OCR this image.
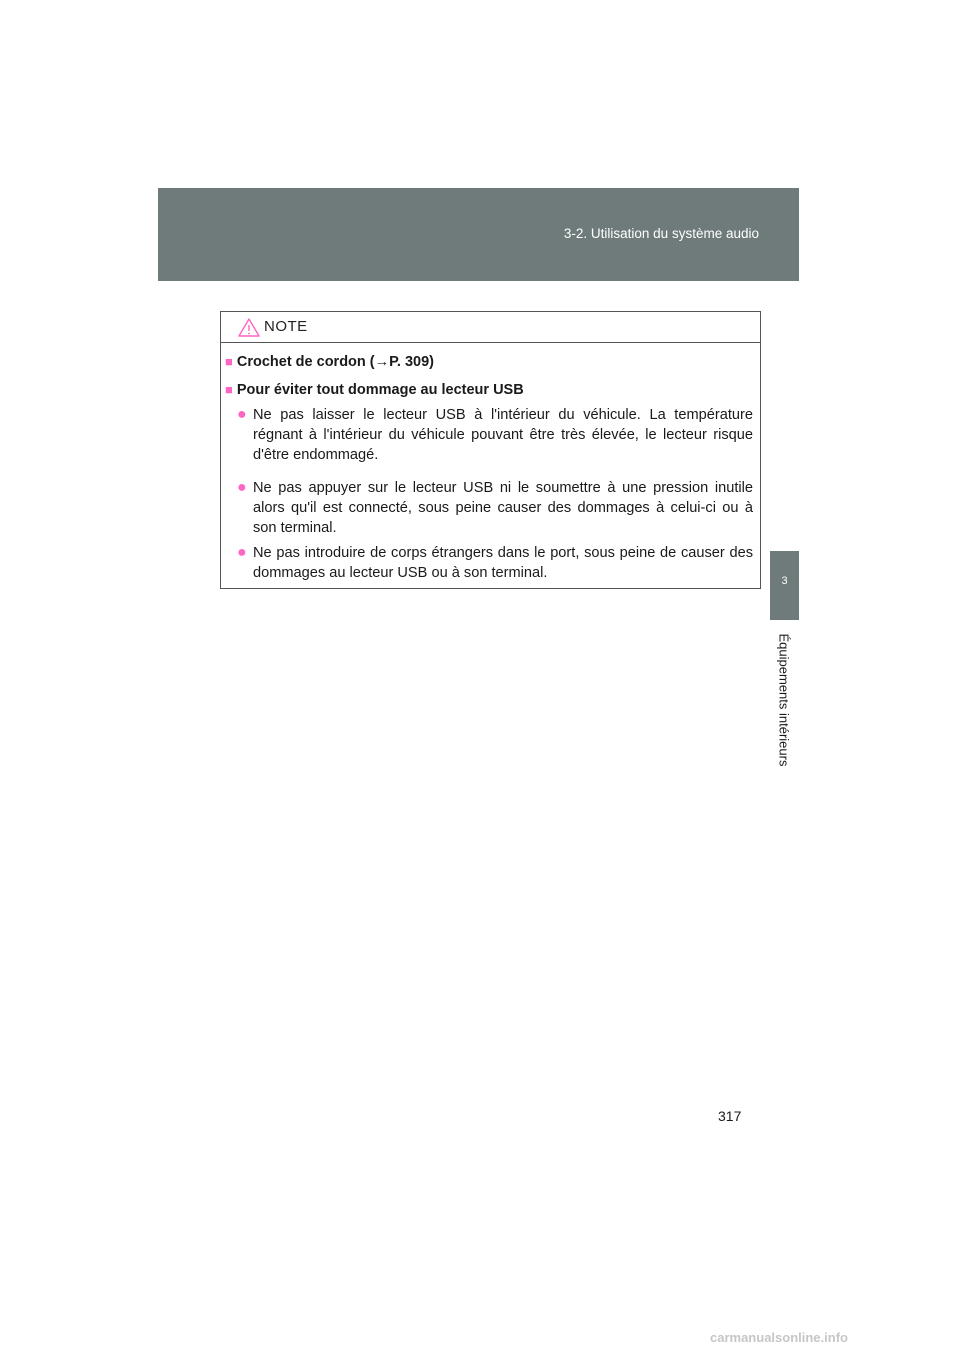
3-2. Utilisation du système audio
3
Équipements intérieurs
NOTE
■ Crochet de cordon (→P. 309)
■ Pour éviter tout dommage au lecteur USB
● Ne pas laisser le lecteur USB à l'intérieur du véhicule. La température régnant à l'intérieur du véhicule pouvant être très élevée, le lecteur risque d'être endommagé.
● Ne pas appuyer sur le lecteur USB ni le soumettre à une pression inutile alors qu'il est connecté, sous peine causer des dommages à celui-ci ou à son terminal.
● Ne pas introduire de corps étrangers dans le port, sous peine de causer des dommages au lecteur USB ou à son terminal.
317
carmanualsonline.info
